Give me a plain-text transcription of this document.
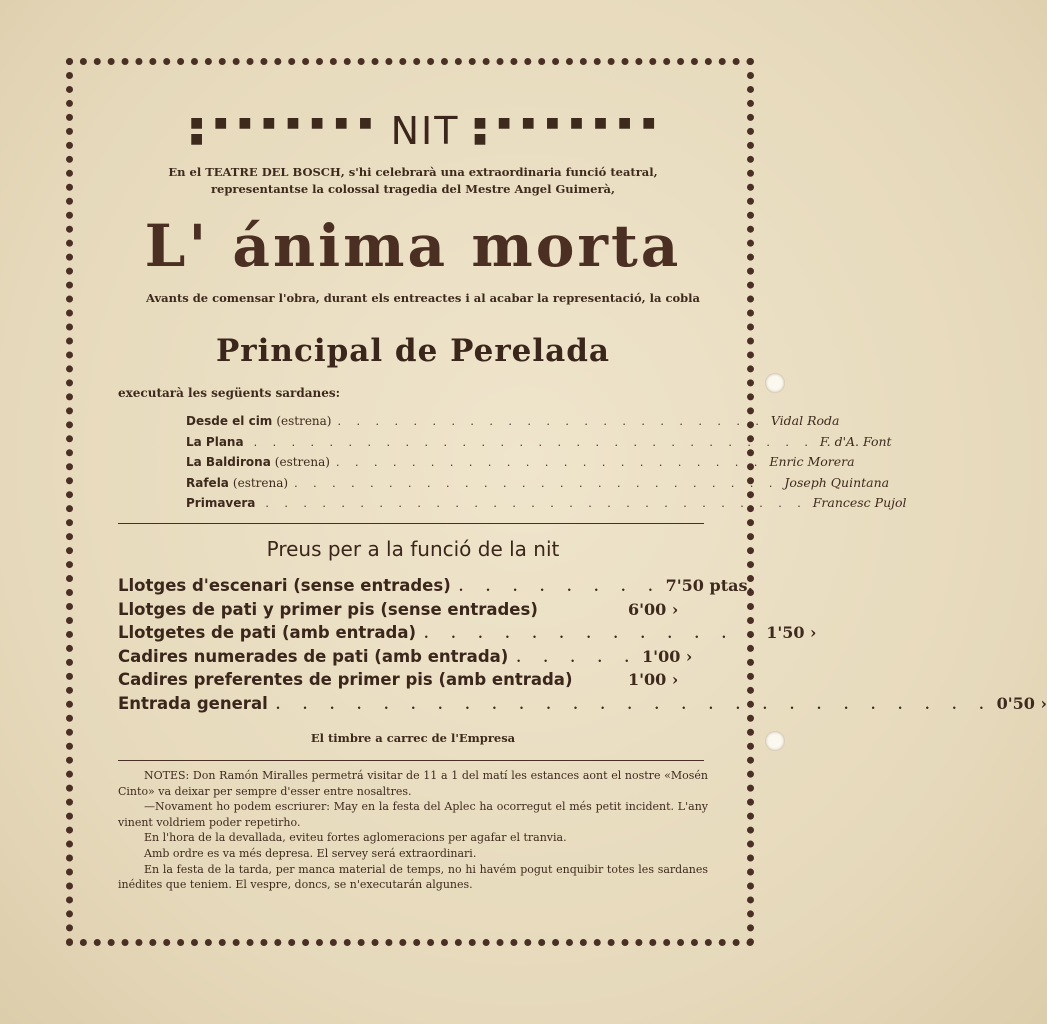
■ ■ ■ ■ ■ ■ ■ ■ ■	NIT ■ ■ ■ ■ ■ ■ ■ ■ ■
En el TEATRE DEL BOSCH, s'hi celebrarà una extraordinaria funció teatral,
representantse la colossal tragedia del Mestre Angel Guimerà,
L' ánima morta
Avants de comensar l'obra, durant els entreactes i al acabar la representació, la cobla
Principal de Perelada
executarà les següents sardanes:
Desde el cim (estrena) . . . . . . . . . . . . . . . . . . . . . . . Vidal Roda
La Plana . . . . . . . . . . . . . . . . . . . . . . . . . . . . . . F. d'A. Font
La Baldirona (estrena) . . . . . . . . . . . . . . . . . . . . . . . Enric Morera
Rafela (estrena) . . . . . . . . . . . . . . . . . . . . . . . . . . Joseph Quintana
Primavera . . . . . . . . . . . . . . . . . . . . . . . . . . . . . Francesc Pujol
Preus per a la funció de la nit
Llotges d'escenari (sense entrades) . . . . . . . . 7'50 ptas.
Llotges de pati y primer pis (sense entrades)	6'00 ›
Llotgetes de pati (amb entrada) . . . . . . . . . . . . . 1'50 ›
Cadires numerades de pati (amb entrada) . . . . . 1'00 ›
Cadires preferentes de primer pis (amb entrada)	1'00 ›
Entrada general . . . . . . . . . . . . . . . . . . . . . . . . . . . 0'50 ›
El timbre a carrec de l'Empresa

NOTES: Don Ramón Miralles permetrá visitar de 11 a 1 del matí les estances aont el nostre «Mosén Cinto» va deixar per sempre d'esser entre nosaltres.

—Novament ho podem escriurer: May en la festa del Aplec ha ocorregut el més petit incident. L'any vinent voldriem poder repetirho.

En l'hora de la devallada, eviteu fortes aglomeracions per agafar el tranvia.

Amb ordre es va més depresa. El servey será extraordinari.

En la festa de la tarda, per manca material de temps, no hi havém pogut enquibir totes les sardanes inédites que teniem. El vespre, doncs, se n'executarán algunes.
